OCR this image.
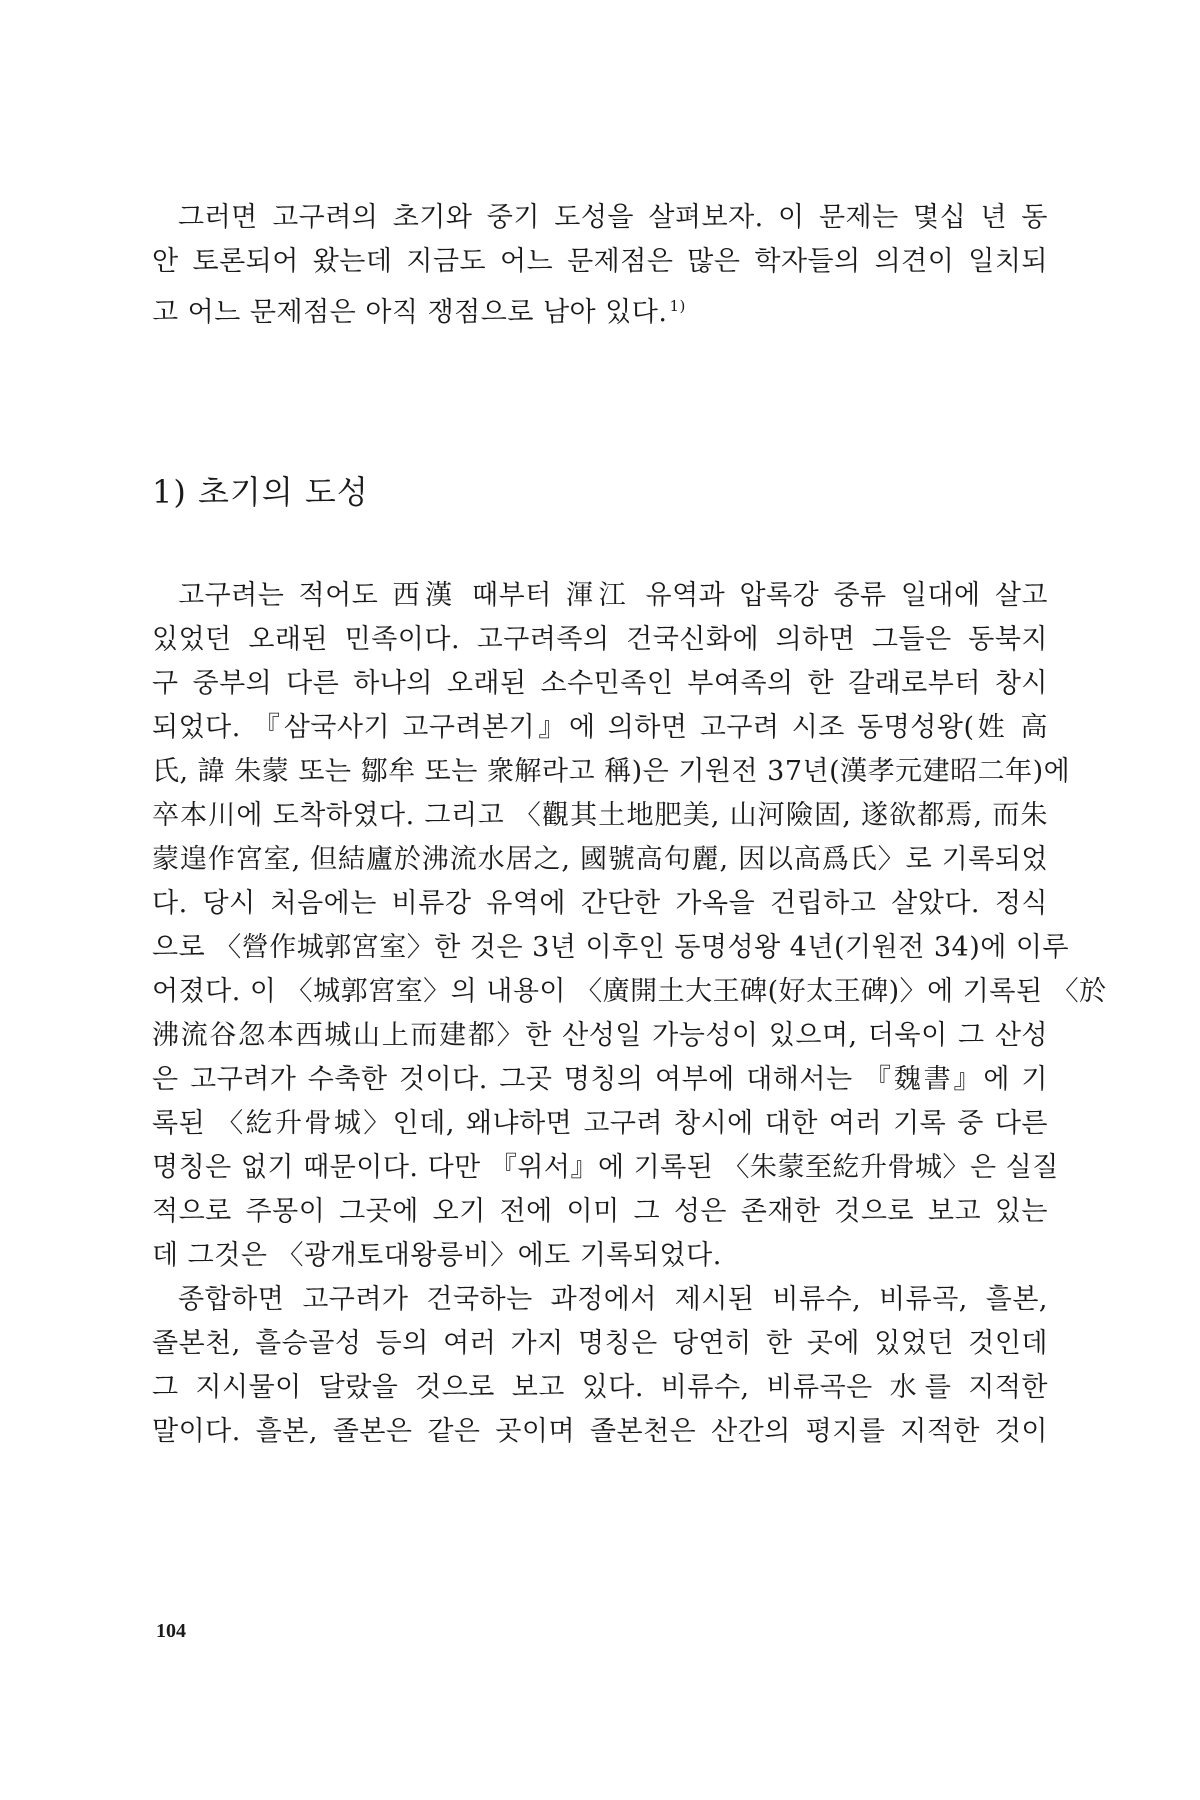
그러면 고구려의 초기와 중기 도성을 살펴보자. 이 문제는 몇십 년 동
안 토론되어 왔는데 지금도 어느 문제점은 많은 학자들의 의견이 일치되
고 어느 문제점은 아직 쟁점으로 남아 있다. $^{1)}$
1) 초기의 도성
고구려는 적어도 西漢 때부터 渾江 유역과 압록강 중류 일대에 살고
있었던 오래된 민족이다. 고구려족의 건국신화에 의하면 그들은 동북지
구 중부의 다른 하나의 오래된 소수민족인 부여족의 한 갈래로부터 창시
되었다. 『삼국사기 고구려본기』에 의하면 고구려 시조 동명성왕(姓 高
氏, 諱 朱蒙 또는 鄒牟 또는 衆解라고 稱)은 기원전 37년(漢孝元建昭二年)에
卒本川에 도착하였다. 그리고 〈觀其土地肥美, 山河險固, 遂欲都焉, 而朱
蒙遑作宮室, 但結廬於沸流水居之, 國號高句麗, 因以高爲氏〉로 기록되었
다. 당시 처음에는 비류강 유역에 간단한 가옥을 건립하고 살았다. 정식
으로 〈營作城郭宮室〉한 것은 3년 이후인 동명성왕 4년(기원전 34)에 이루
어졌다. 이 〈城郭宮室〉의 내용이 〈廣開土大王碑(好太王碑)〉에 기록된 〈於
沸流谷忽本西城山上而建都〉한 산성일 가능성이 있으며, 더욱이 그 산성
은 고구려가 수축한 것이다. 그곳 명칭의 여부에 대해서는 『魏書』에 기
록된 〈紇升骨城〉인데, 왜냐하면 고구려 창시에 대한 여러 기록 중 다른
명칭은 없기 때문이다. 다만 『위서』에 기록된 〈朱蒙至紇升骨城〉은 실질
적으로 주몽이 그곳에 오기 전에 이미 그 성은 존재한 것으로 보고 있는
데 그것은 〈광개토대왕릉비〉에도 기록되었다.
종합하면 고구려가 건국하는 과정에서 제시된 비류수, 비류곡, 흘본,
졸본천, 흘승골성 등의 여러 가지 명칭은 당연히 한 곳에 있었던 것인데
그 지시물이 달랐을 것으로 보고 있다. 비류수, 비류곡은 水를 지적한
말이다. 흘본, 졸본은 같은 곳이며 졸본천은 산간의 평지를 지적한 것이
104
